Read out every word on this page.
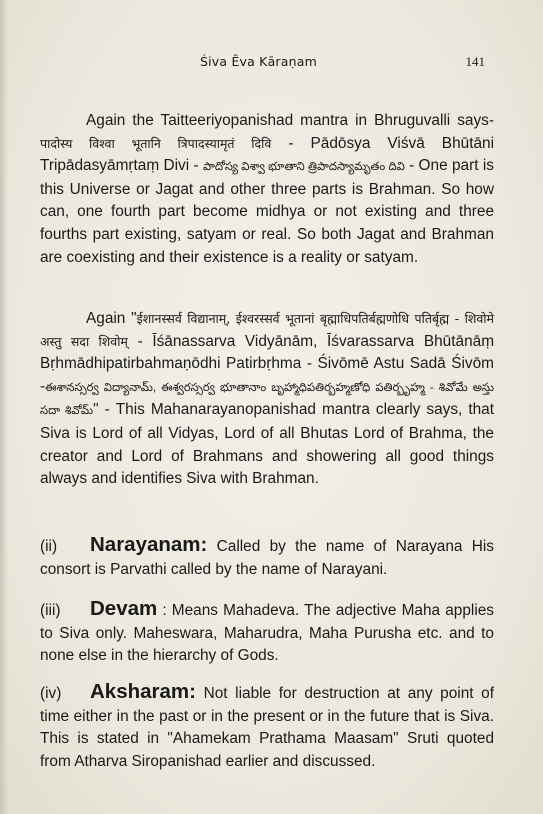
Śiva Ēva Kāraṇam	141
Again the Taitteeriyopanishad mantra in Bhruguvalli says- पादोस्य विश्वा भूतानि त्रिपादस्यामृतं दिवि - Pādōsya Viśvā Bhūtāni Tripādasyāmṛtaṃ Divi - పాదోస్య విశ్వా భూతాని త్రిపాదస్యామృతం దివి - One part is this Universe or Jagat and other three parts is Brahman. So how can, one fourth part become midhya or not existing and three fourths part existing, satyam or real. So both Jagat and Brahman are coexisting and their existence is a reality or satyam.
Again "ईशानस्सर्व विद्यानाम्, ईश्वरस्सर्व भूतानां बृह्माधिपतिर्बह्मणोधि पतिर्बृह्म - शिवोमे अस्तु सदा शिवोम् - Īśānassarva Vidyānām, Īśvarassarva Bhūtānāṃ Bṛhmādhipatirbahmaṇōdhi Patirbṛhma - Śivōmē Astu Sadā Śivōm -ఈశానస్సర్వ విద్యానామ్, ఈశ్వరస్సర్వ భూతానాం బృహ్మాధిపతిర్బహ్మణోధి పతిర్బృహ్మ - శివోమే అస్తు సదా శివోమ్" - This Mahanarayanopanishad mantra clearly says, that Siva is Lord of all Vidyas, Lord of all Bhutas Lord of Brahma, the creator and Lord of Brahmans and showering all good things always and identifies Siva with Brahman.
(ii) Narayanam: Called by the name of Narayana His consort is Parvathi called by the name of Narayani.
(iii) Devam : Means Mahadeva. The adjective Maha applies to Siva only. Maheswara, Maharudra, Maha Purusha etc. and to none else in the hierarchy of Gods.
(iv) Aksharam: Not liable for destruction at any point of time either in the past or in the present or in the future that is Siva. This is stated in "Ahamekam Prathama Maasam" Sruti quoted from Atharva Siropanishad earlier and discussed.
